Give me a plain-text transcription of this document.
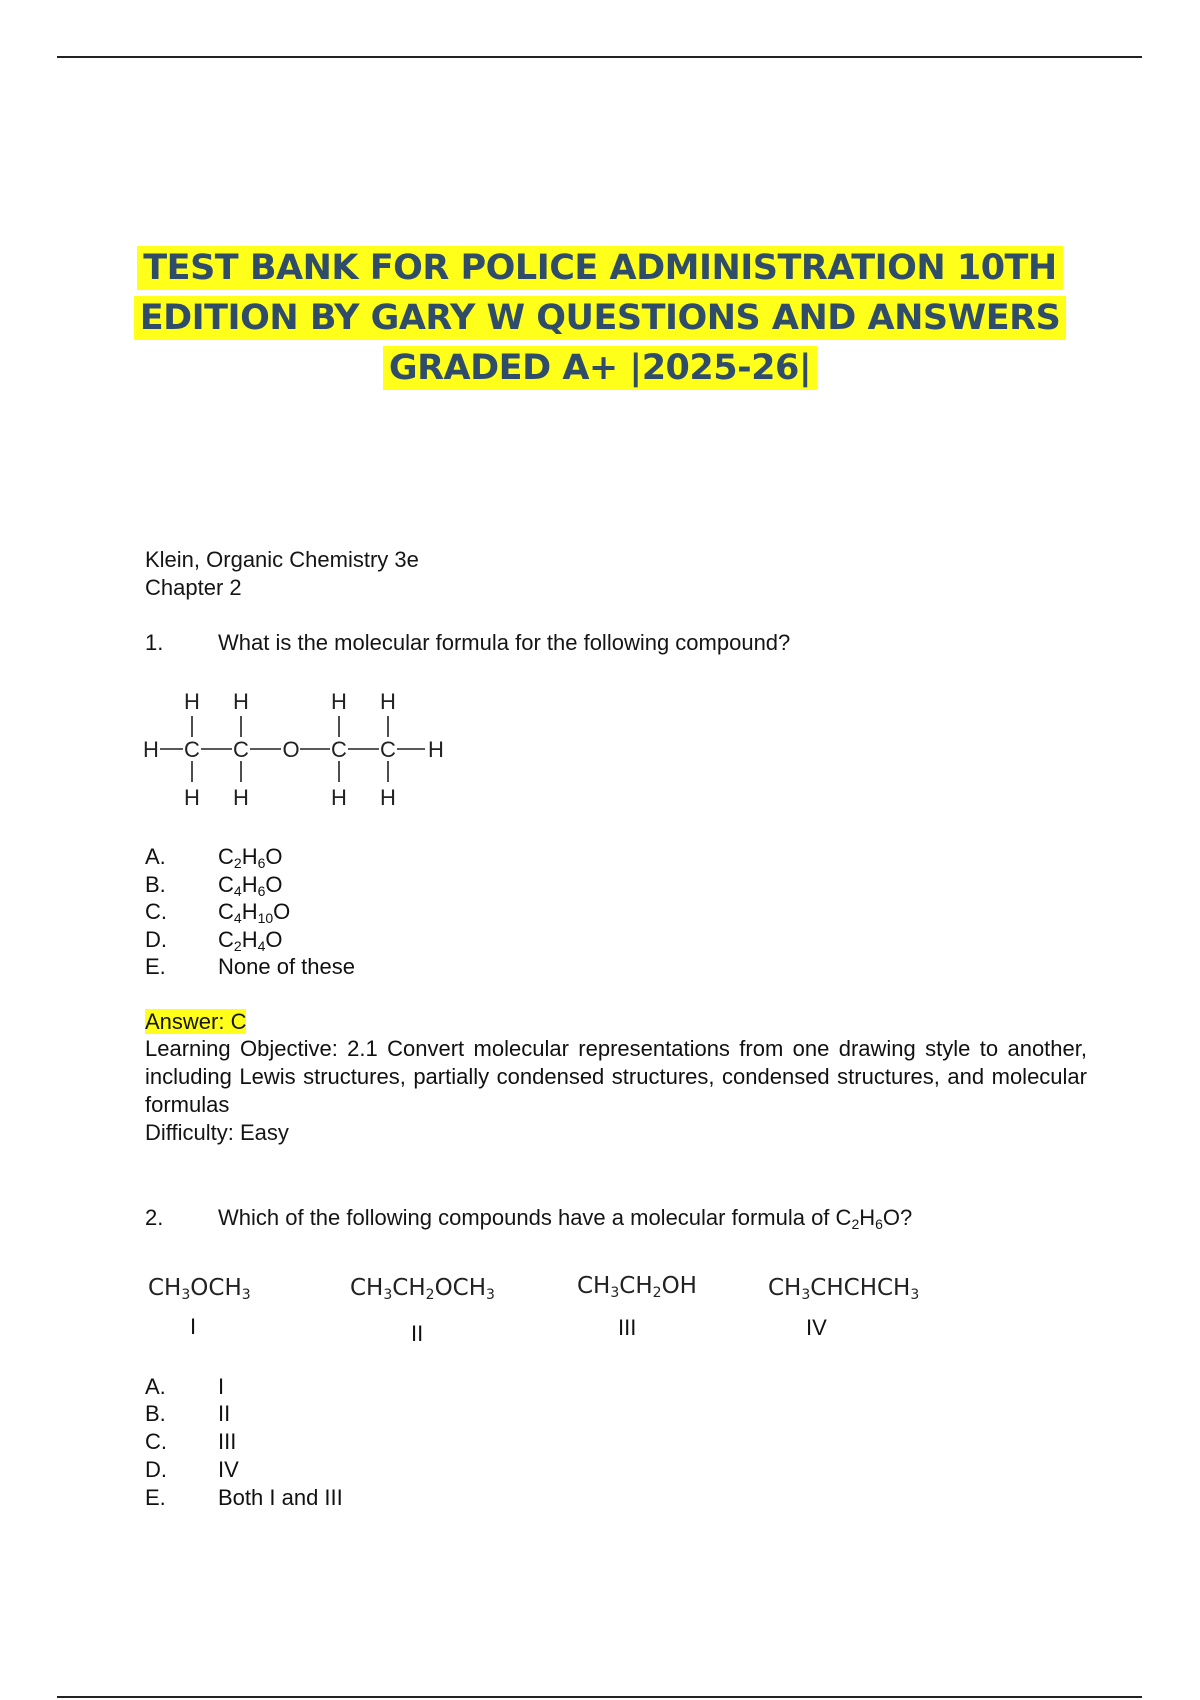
TEST BANK FOR POLICE ADMINISTRATION 10TH
EDITION BY GARY W QUESTIONS AND ANSWERS
GRADED A+ |2025-26|
Klein, Organic Chemistry 3e
Chapter 2
1. What is the molecular formula for the following compound?
H H	H H
H C C O C C H
H H	H H
A. $C_2H_6O$
B. $C_4H_6O$
C. $C_4H_{10}O$
D. $C_2H_4O$
E. None of these
Answer: C
Learning Objective: 2.1 Convert molecular representations from one drawing style to another, including Lewis structures, partially condensed structures, condensed structures, and molecular formulas
Difficulty: Easy
2. Which of the following compounds have a molecular formula of $C_2H_6O$?
$CH_3OCH_3$	$CH_3CH_2OCH_3$	$CH_3CH_2OH$	$CH_3CHCHCH_3$
I	II	III	IV
A. I
B. II
C. III
D. IV
E. Both I and III
